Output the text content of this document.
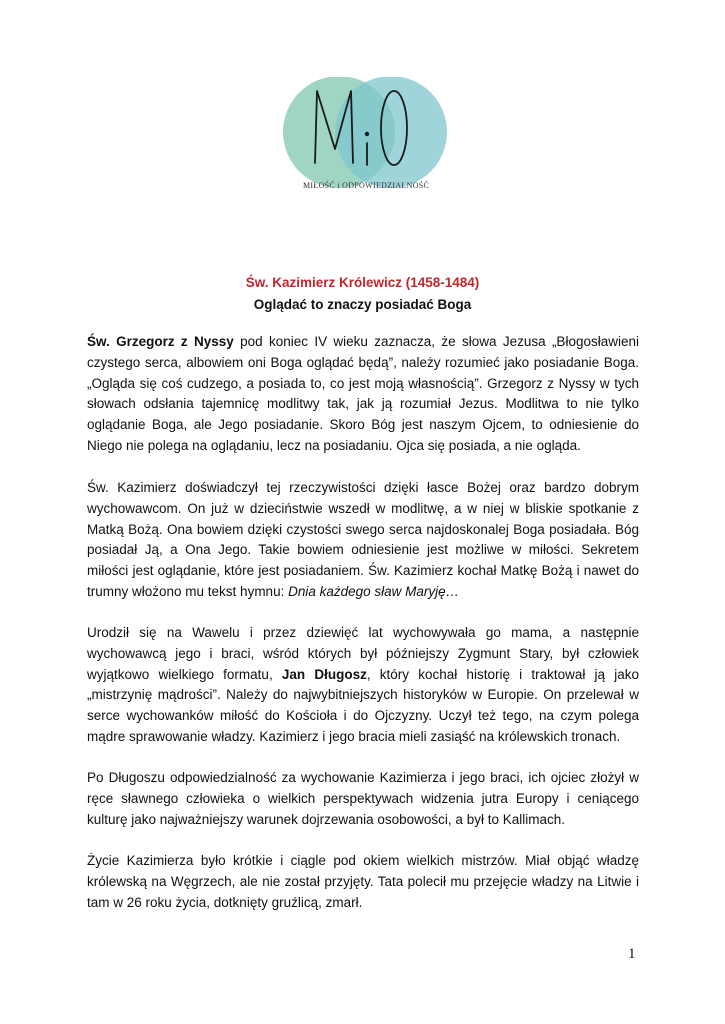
MIŁOŚĆ i ODPOWIEDZIALNOŚĆ
Św. Kazimierz Królewicz (1458-1484)
Oglądać to znaczy posiadać Boga

Św. Grzegorz z Nyssy pod koniec IV wieku zaznacza, że słowa Jezusa „Błogosławieni czystego serca, albowiem oni Boga oglądać będą”, należy rozumieć jako posiadanie Boga. „Ogląda się coś cudzego, a posiada to, co jest moją własnością”. Grzegorz z Nyssy w tych słowach odsłania tajemnicę modlitwy tak, jak ją rozumiał Jezus. Modlitwa to nie tylko oglądanie Boga, ale Jego posiadanie. Skoro Bóg jest naszym Ojcem, to odniesienie do Niego nie polega na oglądaniu, lecz na posiadaniu. Ojca się posiada, a nie ogląda.

Św. Kazimierz doświadczył tej rzeczywistości dzięki łasce Bożej oraz bardzo dobrym wychowawcom. On już w dzieciństwie wszedł w modlitwę, a w niej w bliskie spotkanie z Matką Bożą. Ona bowiem dzięki czystości swego serca najdoskonalej Boga posiadała. Bóg posiadał Ją, a Ona Jego. Takie bowiem odniesienie jest możliwe w miłości. Sekretem miłości jest oglądanie, które jest posiadaniem. Św. Kazimierz kochał Matkę Bożą i nawet do trumny włożono mu tekst hymnu: Dnia każdego sław Maryję…

Urodził się na Wawelu i przez dziewięć lat wychowywała go mama, a następnie wychowawcą jego i braci, wśród których był późniejszy Zygmunt Stary, był człowiek wyjątkowo wielkiego formatu, Jan Długosz, który kochał historię i traktował ją jako „mistrzynię mądrości”. Należy do najwybitniejszych historyków w Europie. On przelewał w serce wychowanków miłość do Kościoła i do Ojczyzny. Uczył też tego, na czym polega mądre sprawowanie władzy. Kazimierz i jego bracia mieli zasiąść na królewskich tronach.

Po Długoszu odpowiedzialność za wychowanie Kazimierza i jego braci, ich ojciec złożył w ręce sławnego człowieka o wielkich perspektywach widzenia jutra Europy i ceniącego kulturę jako najważniejszy warunek dojrzewania osobowości, a był to Kallimach.

Życie Kazimierza było krótkie i ciągle pod okiem wielkich mistrzów. Miał objąć władzę królewską na Węgrzech, ale nie został przyjęty. Tata polecił mu przejęcie władzy na Litwie i tam w 26 roku życia, dotknięty gruźlicą, zmarł.

1
